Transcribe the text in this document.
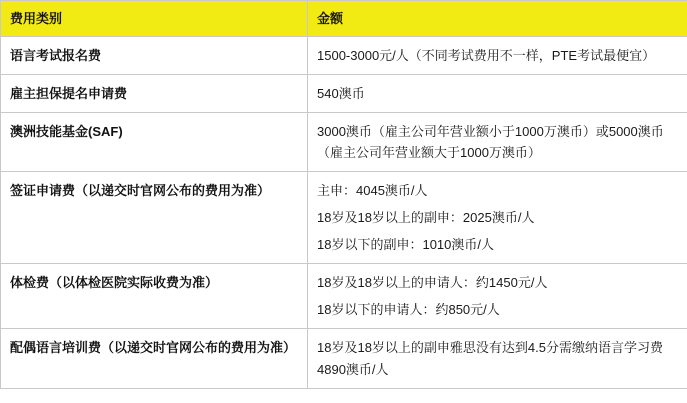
费用类别	金额
语言考试报名费	1500-3000元/人（不同考试费用不一样，PTE考试最便宜）

雇主担保提名申请费	540澳币

澳洲技能基金(SAF)	3000澳币（雇主公司年营业额小于1000万澳币）或5000澳币（雇主公司年营业额大于1000万澳币）

签证申请费（以递交时官网公布的费用为准）	主申：4045澳币/人
18岁及18岁以上的副申：2025澳币/人
18岁以下的副申：1010澳币/人

体检费（以体检医院实际收费为准）	18岁及18岁以上的申请人：约1450元/人
18岁以下的申请人：约850元/人

配偶语言培训费（以递交时官网公布的费用为准）	18岁及18岁以上的副申雅思没有达到4.5分需缴纳语言学习费4890澳币/人
